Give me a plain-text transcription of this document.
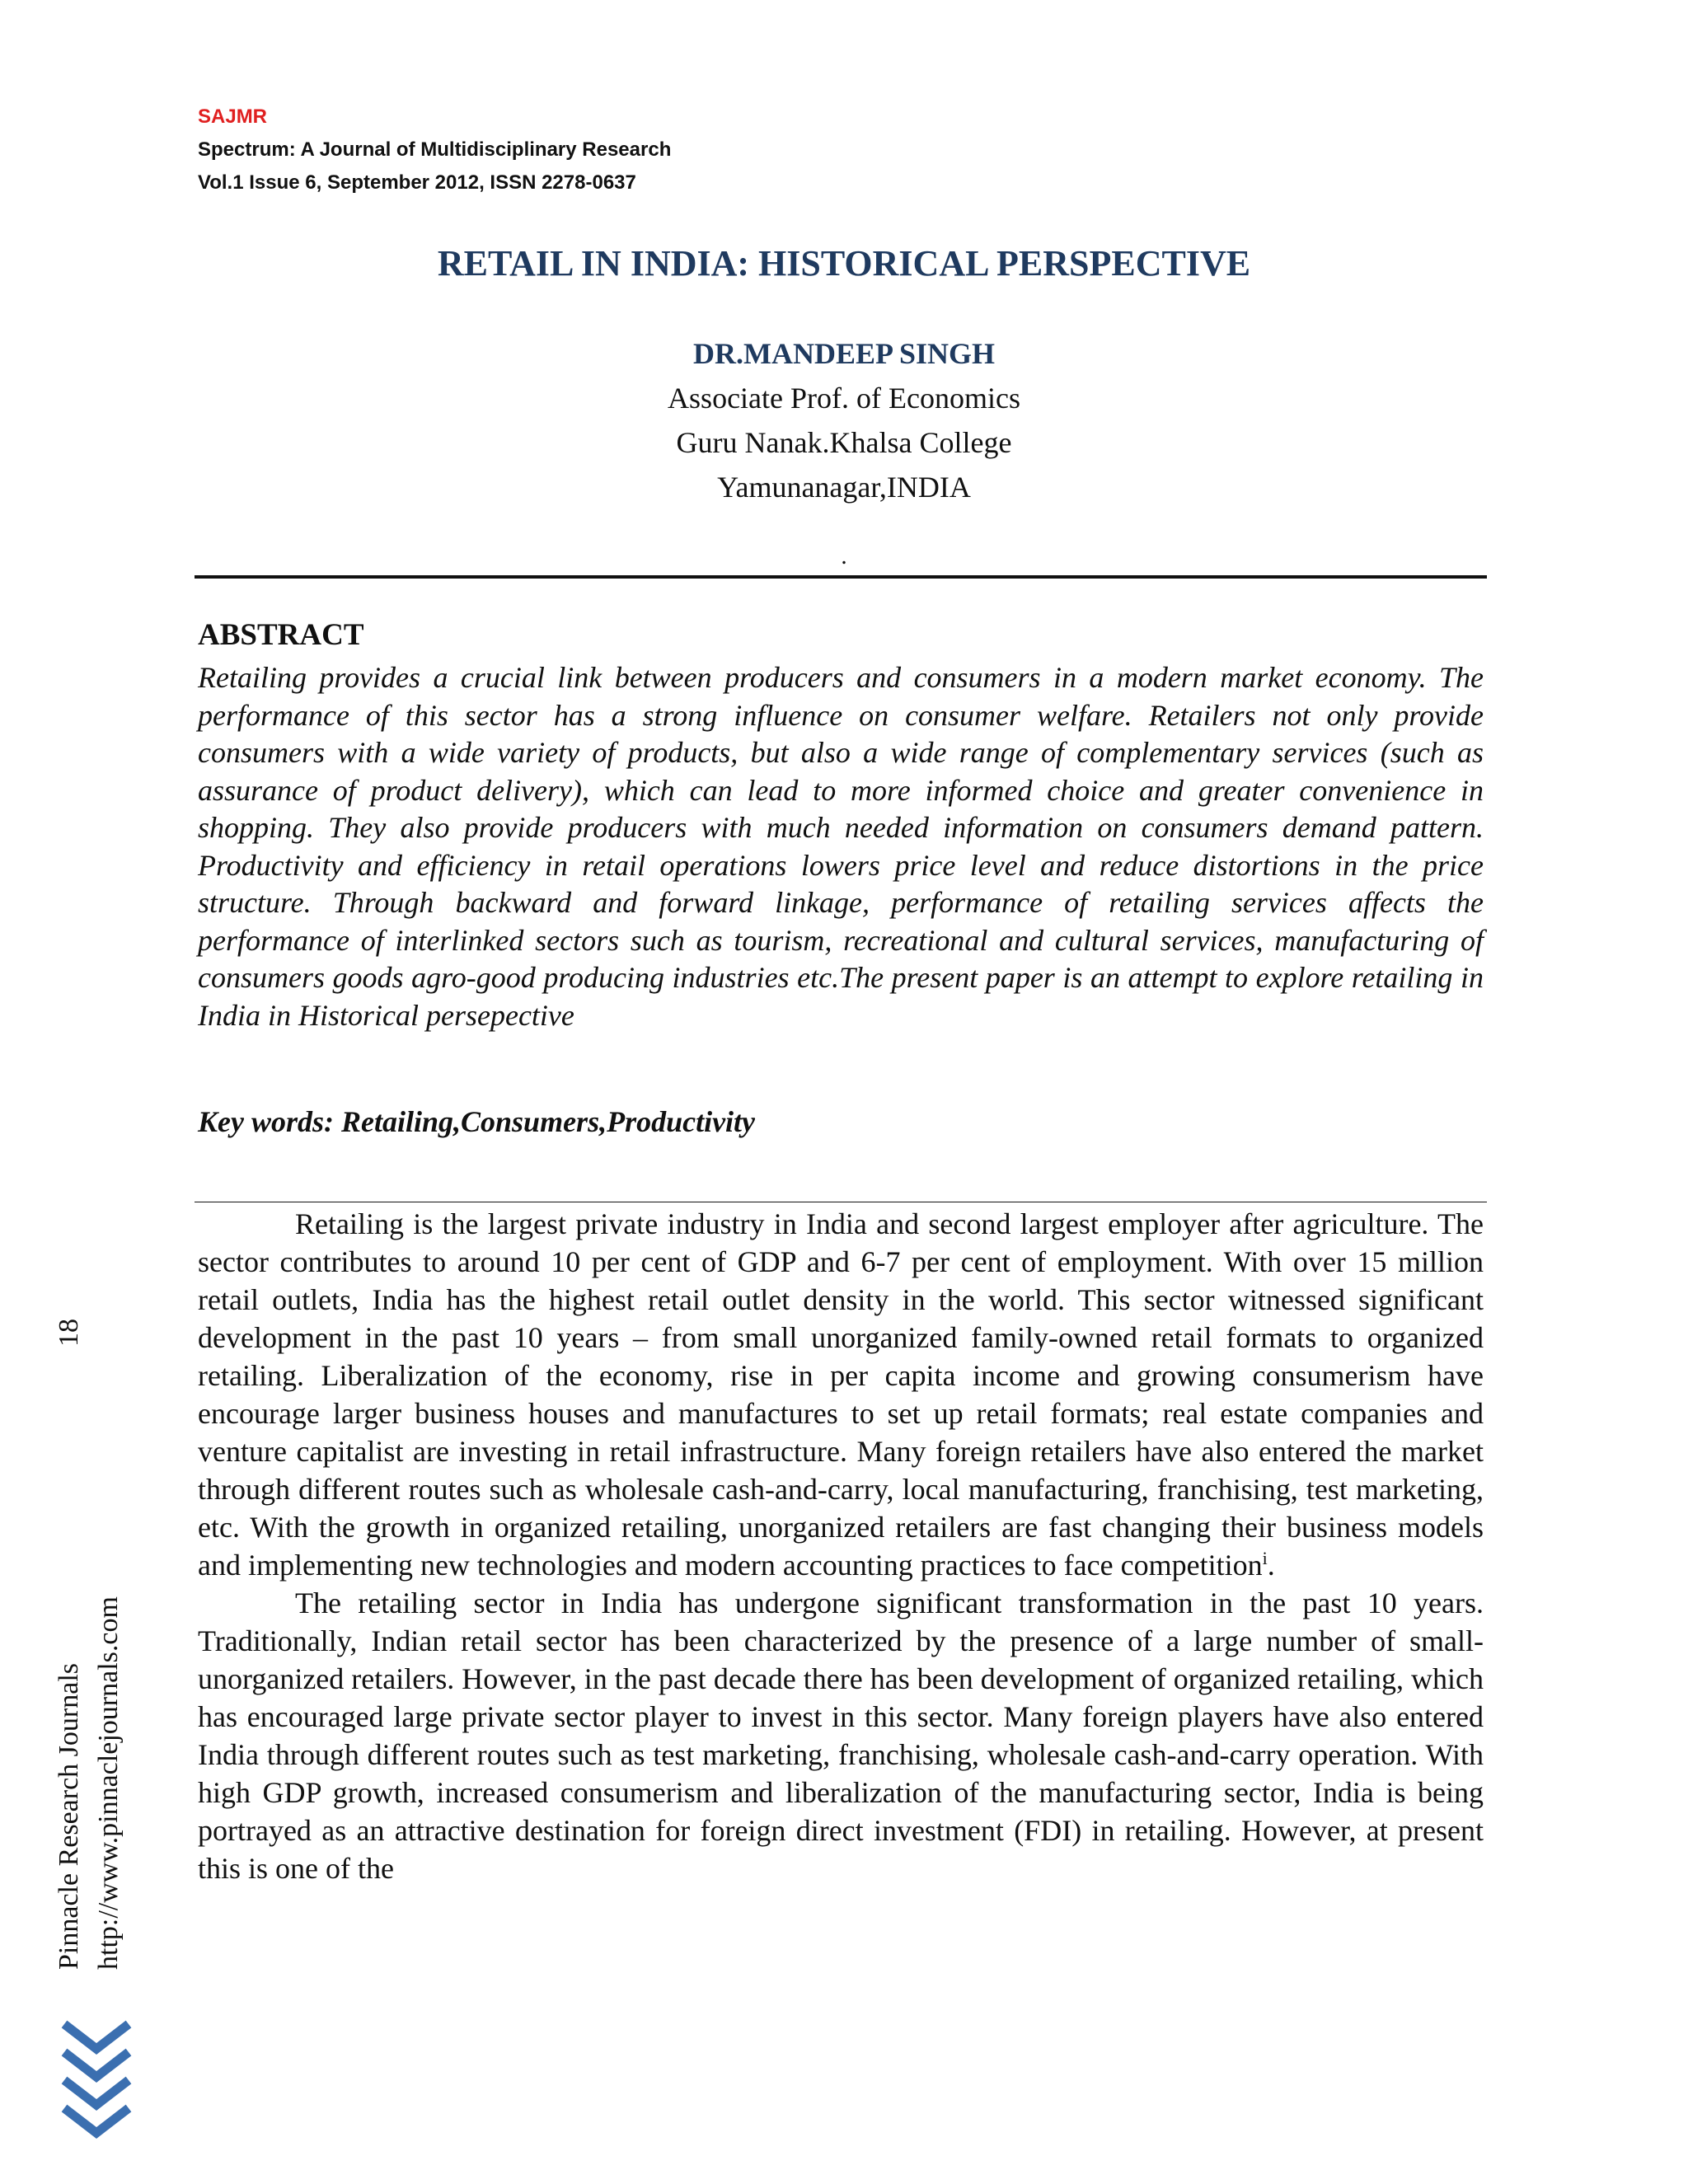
SAJMR
Spectrum: A Journal of Multidisciplinary Research
Vol.1 Issue 6, September 2012, ISSN 2278-0637
RETAIL IN INDIA: HISTORICAL PERSPECTIVE
DR.MANDEEP SINGH
Associate Prof. of Economics
Guru Nanak.Khalsa College
Yamunanagar,INDIA
.
ABSTRACT
Retailing provides a crucial link between producers and consumers in a modern market economy. The performance of this sector has a strong influence on consumer welfare. Retailers not only provide consumers with a wide variety of products, but also a wide range of complementary services (such as assurance of product delivery), which can lead to more informed choice and greater convenience in shopping. They also provide producers with much needed information on consumers demand pattern. Productivity and efficiency in retail operations lowers price level and reduce distortions in the price structure. Through backward and forward linkage, performance of retailing services affects the performance of interlinked sectors such as tourism, recreational and cultural services, manufacturing of consumers goods agro-good producing industries etc.The present paper is an attempt to explore retailing in India in Historical persepective
Key words: Retailing,Consumers,Productivity

Retailing is the largest private industry in India and second largest employer after agriculture. The sector contributes to around 10 per cent of GDP and 6-7 per cent of employment. With over 15 million retail outlets, India has the highest retail outlet density in the world. This sector witnessed significant development in the past 10 years – from small unorganized family-owned retail formats to organized retailing. Liberalization of the economy, rise in per capita income and growing consumerism have encourage larger business houses and manufactures to set up retail formats; real estate companies and venture capitalist are investing in retail infrastructure. Many foreign retailers have also entered the market through different routes such as wholesale cash-and-carry, local manufacturing, franchising, test marketing, etc. With the growth in organized retailing, unorganized retailers are fast changing their business models and implementing new technologies and modern accounting practices to face competition$^i$.

The retailing sector in India has undergone significant transformation in the past 10 years. Traditionally, Indian retail sector has been characterized by the presence of a large number of small-unorganized retailers. However, in the past decade there has been development of organized retailing, which has encouraged large private sector player to invest in this sector. Many foreign players have also entered India through different routes such as test marketing, franchising, wholesale cash-and-carry operation. With high GDP growth, increased consumerism and liberalization of the manufacturing sector, India is being portrayed as an attractive destination for foreign direct investment (FDI) in retailing. However, at present this is one of the

Pinnacle Research Journals
18
http://www.pinnaclejournals.com
